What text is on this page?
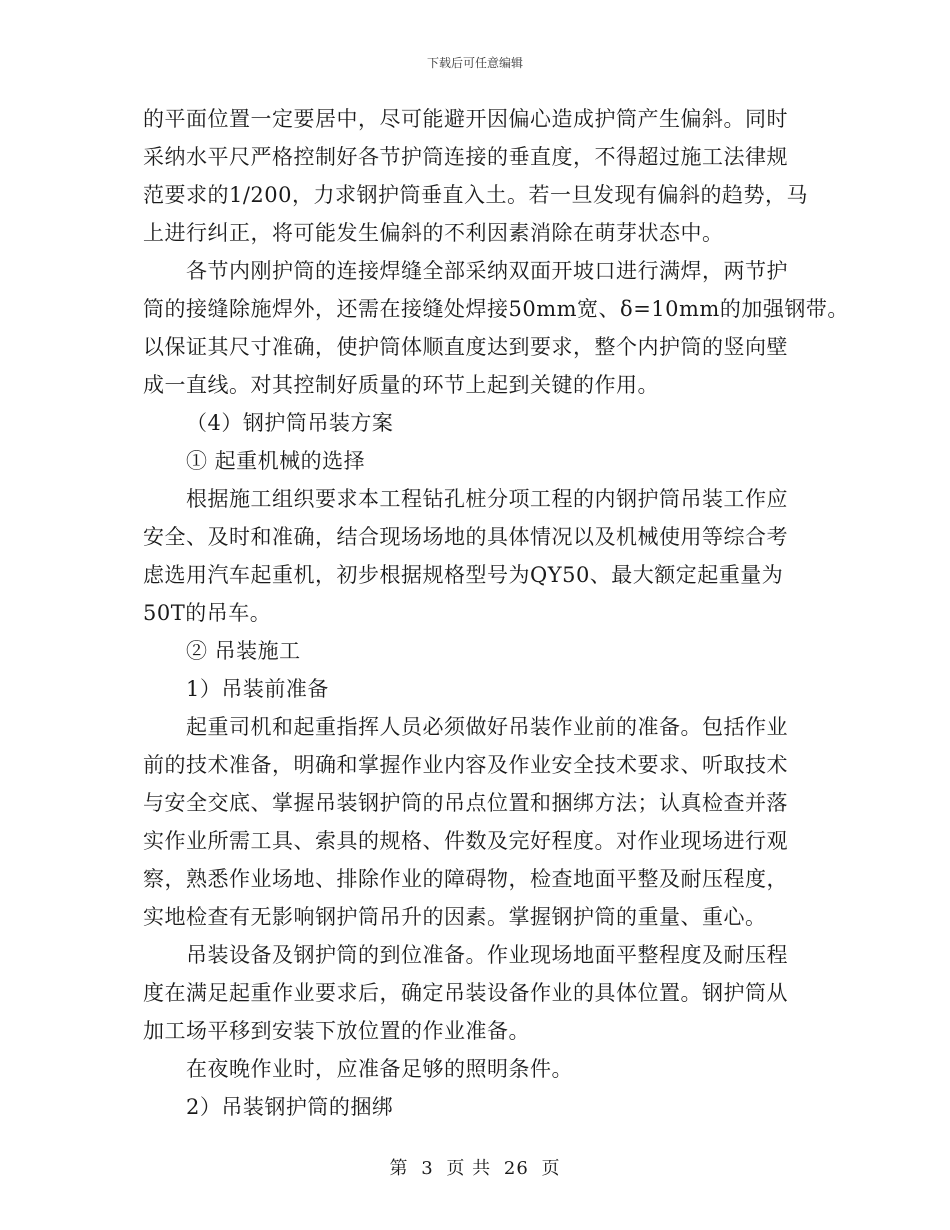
下载后可任意编辑
的平面位置一定要居中，尽可能避开因偏心造成护筒产生偏斜。同时
采纳水平尺严格控制好各节护筒连接的垂直度，不得超过施工法律规
范要求的1/200，力求钢护筒垂直入土。若一旦发现有偏斜的趋势，马
上进行纠正，将可能发生偏斜的不利因素消除在萌芽状态中。
各节内刚护筒的连接焊缝全部采纳双面开坡口进行满焊，两节护
筒的接缝除施焊外，还需在接缝处焊接50mm宽、δ=10mm的加强钢带。
以保证其尺寸准确，使护筒体顺直度达到要求，整个内护筒的竖向壁
成一直线。对其控制好质量的环节上起到关键的作用。
（4）钢护筒吊装方案
① 起重机械的选择
根据施工组织要求本工程钻孔桩分项工程的内钢护筒吊装工作应
安全、及时和准确，结合现场场地的具体情况以及机械使用等综合考
虑选用汽车起重机，初步根据规格型号为QY50、最大额定起重量为
50T的吊车。
② 吊装施工
1）吊装前准备
起重司机和起重指挥人员必须做好吊装作业前的准备。包括作业
前的技术准备，明确和掌握作业内容及作业安全技术要求、听取技术
与安全交底、掌握吊装钢护筒的吊点位置和捆绑方法；认真检查并落
实作业所需工具、索具的规格、件数及完好程度。对作业现场进行观
察，熟悉作业场地、排除作业的障碍物，检查地面平整及耐压程度，
实地检查有无影响钢护筒吊升的因素。掌握钢护筒的重量、重心。
吊装设备及钢护筒的到位准备。作业现场地面平整程度及耐压程
度在满足起重作业要求后，确定吊装设备作业的具体位置。钢护筒从
加工场平移到安装下放位置的作业准备。
在夜晚作业时，应准备足够的照明条件。
2）吊装钢护筒的捆绑
第 3 页 共 26 页
